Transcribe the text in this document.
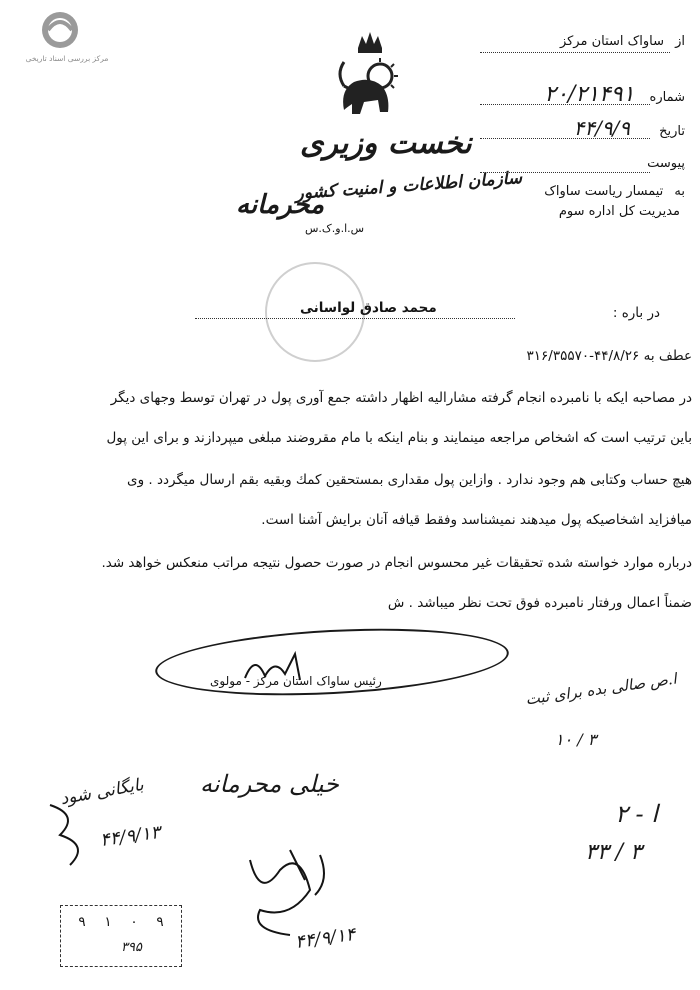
مرکز بررسی اسناد تاریخی
نخست وزیری
سازمان اطلاعات و امنیت کشور
محرمانه
س.ا.و.ک.س
از ساواک استان مرکز
شماره ۲۰/۲۱۴۹۱
تاریخ ۴۴/۹/۹
پیوست
به تیمسار ریاست ساواک
مدیریت کل اداره سوم
در باره :
محمد صادق لواسانی
عطف به ۴۴/۸/۲۶-۳۱۶/۳۵۵۷۰
در مصاحبه ایکه با نامبرده انجام گرفته مشارالیه اظهار داشته جمع آوری پول در تهران توسط وجهای دیگر
باین ترتیب است که اشخاص مراجعه مینمایند و بنام اینکه با مام مقروضند مبلغی میپردازند و برای این پول
هیچ حساب وکتابی هم وجود ندارد . وازاین پول مقداری بمستحقین کمك وبقیه بقم ارسال میگردد . وی
میافزاید اشخاصیکه پول میدهند نمیشناسد وفقط قیافه آنان برایش آشنا است.
درباره موارد خواسته شده تحقیقات غیر محسوس انجام در صورت حصول نتیجه مراتب منعکس خواهد شد.
ضمناً اعمال ورفتار نامبرده فوق تحت نظر میباشد . ش
رئیس ساواک استان مرکز - مولوی	ا.ص صالی بده برای ثبت
۱۰ / ۳
خیلی محرمانه
بایگانی شود
۴۴/۹/۱۳
ا - ۲
۳۳ / ۳
۴۴/۹/۱۴
۹ ۱ ۰ ۹
۳۹۵
